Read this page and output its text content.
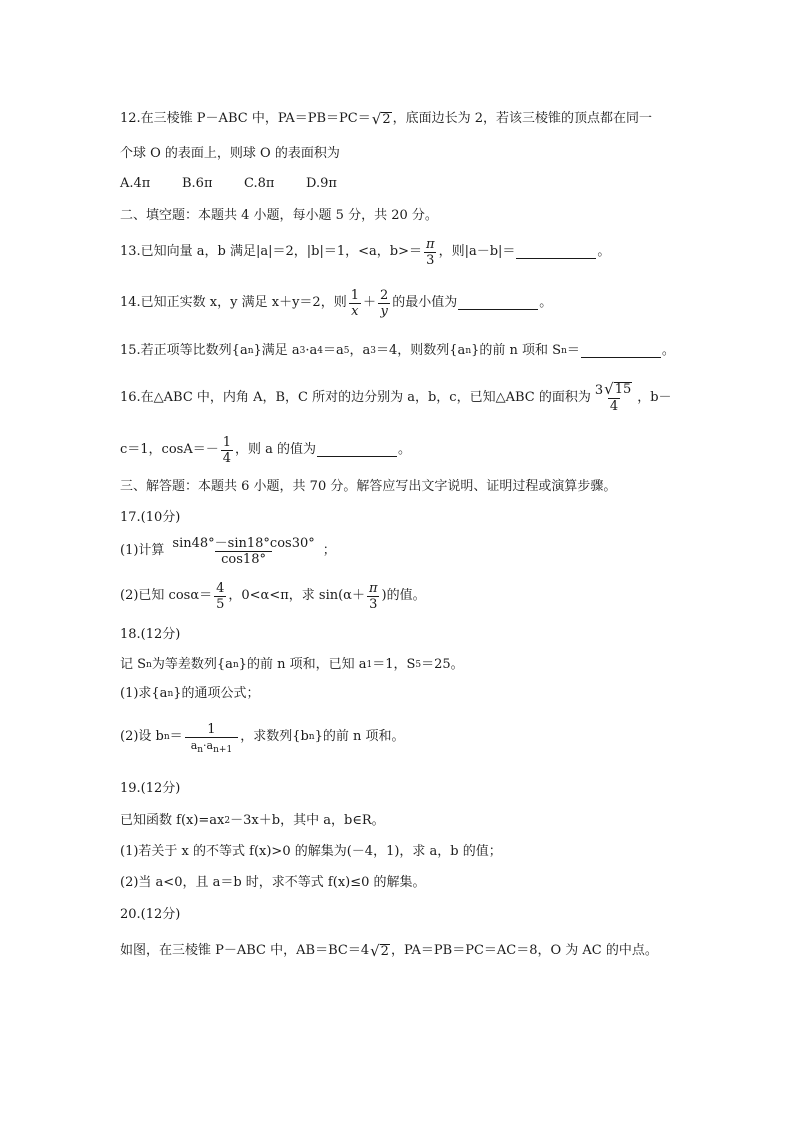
12.在三棱锥 P－ABC 中，PA＝PB＝PC＝ √ 2 ，底面边长为 2，若该三棱锥的顶点都在同一
个球 O 的表面上，则球 O 的表面积为
A.4π	B.6π	C.8π	D.9π
二、填空题：本题共 4 小题，每小题 5 分，共 20 分。
13.已知向量 a，b 满足|a|＝2，|b|＝1，<a，$b>= \frac{\pi}{3}$ ，则|a－b|＝	。
14.已知正实数 x，y 满足 x＋y＝2，则 $\frac{1}{x} + \frac{2}{y}$ 的最小值为	。
15.若正项等比数列{a n }满足 a 3 ·a 4 ＝a 5 ，a 3 ＝4，则数列{a n }的前 n 项和 S n ＝	。
16.在△ABC 中，内角 A，B，C 所对的边分别为 a，b，c，已知△ABC 的面积为 $\frac{3 √ 15}{4}$ ，b－
c＝1，$\cos A=- \frac{1}{4}$ ，则 a 的值为	。
三、解答题：本题共 6 小题，共 70 分。解答应写出文字说明、证明过程或演算步骤。
17.(10分)
(1)计算 $\frac{\sin 48^\circ-\sin 18^\circ\cos 30^\circ}{\cos 18^\circ}$ ；
(2)已知 $\cos\alpha= \frac{4}{5}$ ，0<α<π，求 $\sin(\alpha+ \frac{\pi}{3}$ )的值。
18.(12分)
记 S n 为等差数列{a n }的前 n 项和，已知 a 1 ＝1，S 5 ＝25。
(1)求{a n }的通项公式；
(2)设 b $n = \frac{1}{a_n\cdot a_{n+1}}$ ，求数列{b n }的前 n 项和。
19.(12分)
已知函数 f(x)=ax 2 －3x＋b，其中 a，b∈R。
(1)若关于 x 的不等式 f(x)>0 的解集为(－4，1)，求 a，b 的值；
(2)当 a<0，且 a＝b 时，求不等式 f(x)≤0 的解集。
20.(12分)
如图，在三棱锥 P－ABC 中，AB＝BC＝4 √ 2 ，PA＝PB＝PC＝AC＝8，O 为 AC 的中点。
